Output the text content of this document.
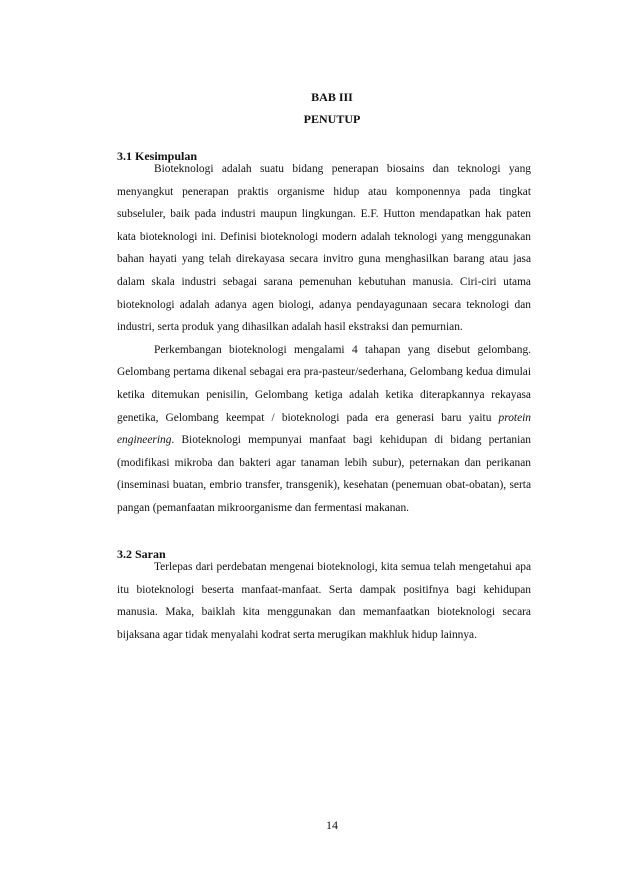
BAB III
PENUTUP
3.1 Kesimpulan

Bioteknologi adalah suatu bidang penerapan biosains dan teknologi yang menyangkut penerapan praktis organisme hidup atau komponennya pada tingkat subseluler, baik pada industri maupun lingkungan. E.F. Hutton mendapatkan hak paten kata bioteknologi ini. Definisi bioteknologi modern adalah teknologi yang menggunakan bahan hayati yang telah direkayasa secara invitro guna menghasilkan barang atau jasa dalam skala industri sebagai sarana pemenuhan kebutuhan manusia. Ciri-ciri utama bioteknologi adalah adanya agen biologi, adanya pendayagunaan secara teknologi dan industri, serta produk yang dihasilkan adalah hasil ekstraksi dan pemurnian.

Perkembangan bioteknologi mengalami 4 tahapan yang disebut gelombang. Gelombang pertama dikenal sebagai era pra-pasteur/sederhana, Gelombang kedua dimulai ketika ditemukan penisilin, Gelombang ketiga adalah ketika diterapkannya rekayasa genetika, Gelombang keempat / bioteknologi pada era generasi baru yaitu protein engineering. Bioteknologi mempunyai manfaat bagi kehidupan di bidang pertanian (modifikasi mikroba dan bakteri agar tanaman lebih subur), peternakan dan perikanan (inseminasi buatan, embrio transfer, transgenik), kesehatan (penemuan obat-obatan), serta pangan (pemanfaatan mikroorganisme dan fermentasi makanan.

3.2 Saran

Terlepas dari perdebatan mengenai bioteknologi, kita semua telah mengetahui apa itu bioteknologi beserta manfaat-manfaat. Serta dampak positifnya bagi kehidupan manusia. Maka, baiklah kita menggunakan dan memanfaatkan bioteknologi secara bijaksana agar tidak menyalahi kodrat serta merugikan makhluk hidup lainnya.

14
